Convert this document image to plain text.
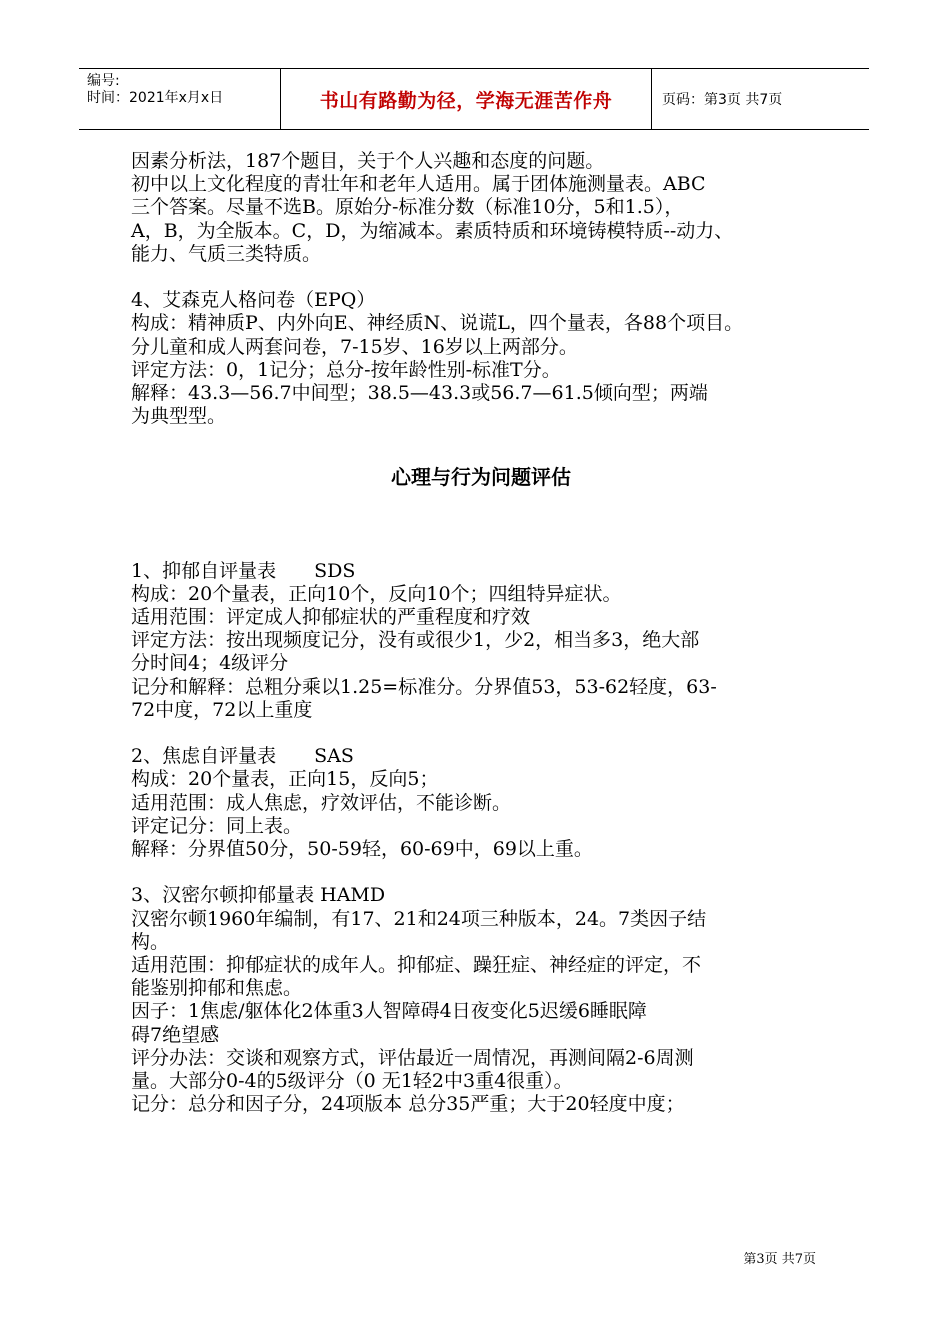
编号:
时间：2021年x月x日	书山有路勤为径，学海无涯苦作舟	页码：第3页 共7页

因素分析法，187个题目，关于个人兴趣和态度的问题。

初中以上文化程度的青壮年和老年人适用。属于团体施测量表。ABC

三个答案。尽量不选B。原始分-标准分数（标准10分，5和1.5），

A，B，为全版本。C，D，为缩减本。素质特质和环境铸模特质--动力、

能力、气质三类特质。

4、艾森克人格问卷（EPQ）

构成：精神质P、内外向E、神经质N、说谎L，四个量表，各88个项目。

分儿童和成人两套问卷，7-15岁、16岁以上两部分。

评定方法：0，1记分；总分-按年龄性别-标准T分。

解释：43.3—56.7中间型；38.5—43.3或56.7—61.5倾向型；两端

为典型型。

心理与行为问题评估

1、抑郁自评量表　　SDS

构成：20个量表，正向10个，反向10个；四组特异症状。

适用范围：评定成人抑郁症状的严重程度和疗效

评定方法：按出现频度记分，没有或很少1，少2，相当多3，绝大部

分时间4；4级评分

记分和解释：总粗分乘以1.25=标准分。分界值53，53-62轻度，63-

72中度，72以上重度

2、焦虑自评量表　　SAS

构成：20个量表，正向15，反向5；

适用范围：成人焦虑，疗效评估，不能诊断。

评定记分：同上表。

解释：分界值50分，50-59轻，60-69中，69以上重。

3、汉密尔顿抑郁量表 HAMD

汉密尔顿1960年编制，有17、21和24项三种版本，24。7类因子结

构。

适用范围：抑郁症状的成年人。抑郁症、躁狂症、神经症的评定，不

能鉴别抑郁和焦虑。

因子：1焦虑/躯体化2体重3人智障碍4日夜变化5迟缓6睡眠障

碍7绝望感

评分办法：交谈和观察方式，评估最近一周情况，再测间隔2-6周测

量。大部分0-4的5级评分（0 无1轻2中3重4很重）。

记分：总分和因子分，24项版本 总分35严重；大于20轻度中度；

第3页 共7页
